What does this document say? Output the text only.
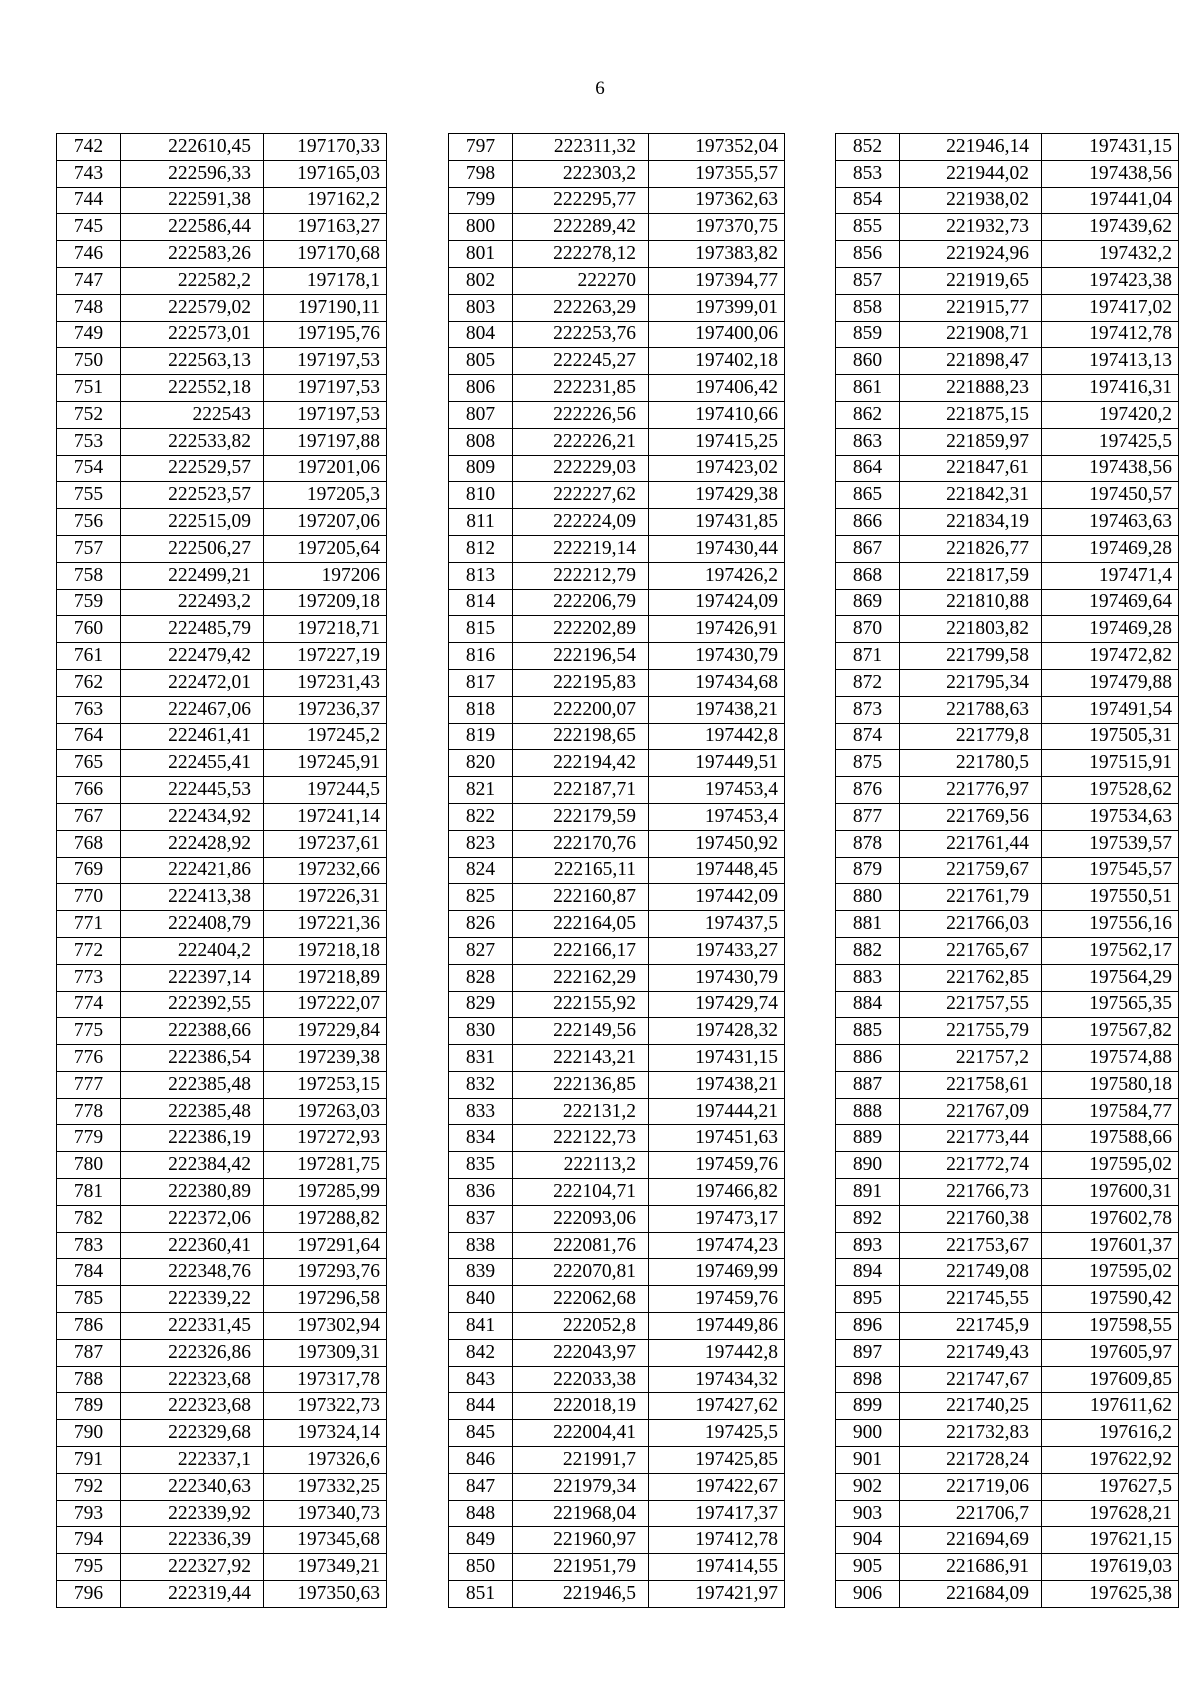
6
742	222610,45	197170,33
743	222596,33	197165,03
744	222591,38	197162,2
745	222586,44	197163,27
746	222583,26	197170,68
747	222582,2	197178,1
748	222579,02	197190,11
749	222573,01	197195,76
750	222563,13	197197,53
751	222552,18	197197,53
752	222543	197197,53
753	222533,82	197197,88
754	222529,57	197201,06
755	222523,57	197205,3
756	222515,09	197207,06
757	222506,27	197205,64
758	222499,21	197206
759	222493,2	197209,18
760	222485,79	197218,71
761	222479,42	197227,19
762	222472,01	197231,43
763	222467,06	197236,37
764	222461,41	197245,2
765	222455,41	197245,91
766	222445,53	197244,5
767	222434,92	197241,14
768	222428,92	197237,61
769	222421,86	197232,66
770	222413,38	197226,31
771	222408,79	197221,36
772	222404,2	197218,18
773	222397,14	197218,89
774	222392,55	197222,07
775	222388,66	197229,84
776	222386,54	197239,38
777	222385,48	197253,15
778	222385,48	197263,03
779	222386,19	197272,93
780	222384,42	197281,75
781	222380,89	197285,99
782	222372,06	197288,82
783	222360,41	197291,64
784	222348,76	197293,76
785	222339,22	197296,58
786	222331,45	197302,94
787	222326,86	197309,31
788	222323,68	197317,78
789	222323,68	197322,73
790	222329,68	197324,14
791	222337,1	197326,6
792	222340,63	197332,25
793	222339,92	197340,73
794	222336,39	197345,68
795	222327,92	197349,21
796	222319,44	197350,63
797	222311,32	197352,04
798	222303,2	197355,57
799	222295,77	197362,63
800	222289,42	197370,75
801	222278,12	197383,82
802	222270	197394,77
803	222263,29	197399,01
804	222253,76	197400,06
805	222245,27	197402,18
806	222231,85	197406,42
807	222226,56	197410,66
808	222226,21	197415,25
809	222229,03	197423,02
810	222227,62	197429,38
811	222224,09	197431,85
812	222219,14	197430,44
813	222212,79	197426,2
814	222206,79	197424,09
815	222202,89	197426,91
816	222196,54	197430,79
817	222195,83	197434,68
818	222200,07	197438,21
819	222198,65	197442,8
820	222194,42	197449,51
821	222187,71	197453,4
822	222179,59	197453,4
823	222170,76	197450,92
824	222165,11	197448,45
825	222160,87	197442,09
826	222164,05	197437,5
827	222166,17	197433,27
828	222162,29	197430,79
829	222155,92	197429,74
830	222149,56	197428,32
831	222143,21	197431,15
832	222136,85	197438,21
833	222131,2	197444,21
834	222122,73	197451,63
835	222113,2	197459,76
836	222104,71	197466,82
837	222093,06	197473,17
838	222081,76	197474,23
839	222070,81	197469,99
840	222062,68	197459,76
841	222052,8	197449,86
842	222043,97	197442,8
843	222033,38	197434,32
844	222018,19	197427,62
845	222004,41	197425,5
846	221991,7	197425,85
847	221979,34	197422,67
848	221968,04	197417,37
849	221960,97	197412,78
850	221951,79	197414,55
851	221946,5	197421,97
852	221946,14	197431,15
853	221944,02	197438,56
854	221938,02	197441,04
855	221932,73	197439,62
856	221924,96	197432,2
857	221919,65	197423,38
858	221915,77	197417,02
859	221908,71	197412,78
860	221898,47	197413,13
861	221888,23	197416,31
862	221875,15	197420,2
863	221859,97	197425,5
864	221847,61	197438,56
865	221842,31	197450,57
866	221834,19	197463,63
867	221826,77	197469,28
868	221817,59	197471,4
869	221810,88	197469,64
870	221803,82	197469,28
871	221799,58	197472,82
872	221795,34	197479,88
873	221788,63	197491,54
874	221779,8	197505,31
875	221780,5	197515,91
876	221776,97	197528,62
877	221769,56	197534,63
878	221761,44	197539,57
879	221759,67	197545,57
880	221761,79	197550,51
881	221766,03	197556,16
882	221765,67	197562,17
883	221762,85	197564,29
884	221757,55	197565,35
885	221755,79	197567,82
886	221757,2	197574,88
887	221758,61	197580,18
888	221767,09	197584,77
889	221773,44	197588,66
890	221772,74	197595,02
891	221766,73	197600,31
892	221760,38	197602,78
893	221753,67	197601,37
894	221749,08	197595,02
895	221745,55	197590,42
896	221745,9	197598,55
897	221749,43	197605,97
898	221747,67	197609,85
899	221740,25	197611,62
900	221732,83	197616,2
901	221728,24	197622,92
902	221719,06	197627,5
903	221706,7	197628,21
904	221694,69	197621,15
905	221686,91	197619,03
906	221684,09	197625,38
